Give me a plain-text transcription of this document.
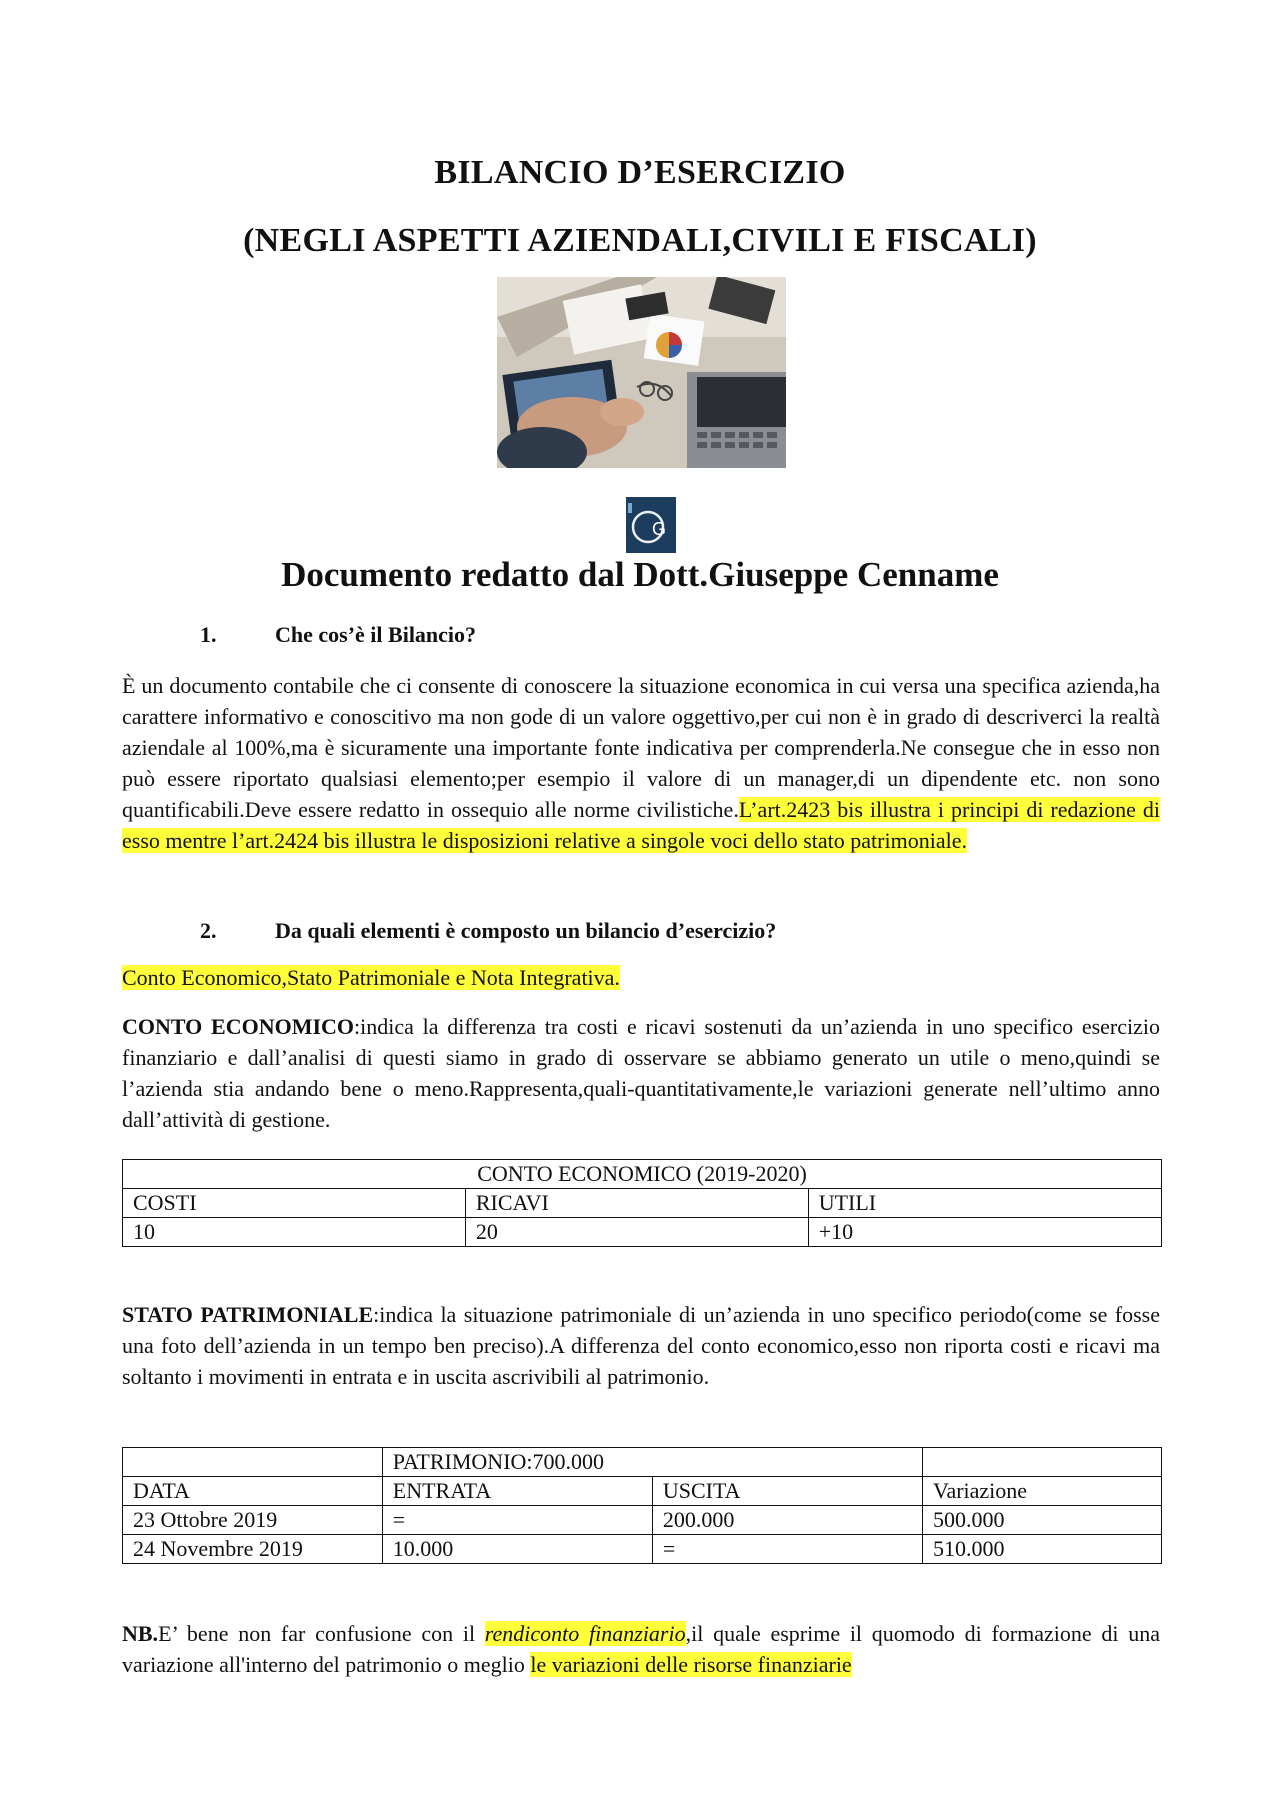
BILANCIO D’ESERCIZIO
(NEGLI ASPETTI AZIENDALI,CIVILI E FISCALI)
G
Documento redatto dal Dott.Giuseppe Cenname
1.	Che cos’è il Bilancio?
È un documento contabile che ci consente di conoscere la situazione economica in cui versa una specifica azienda,ha carattere informativo e conoscitivo ma non gode di un valore oggettivo,per cui non è in grado di descriverci la realtà aziendale al 100%,ma è sicuramente una importante fonte indicativa per comprenderla.Ne consegue che in esso non può essere riportato qualsiasi elemento;per esempio il valore di un manager,di un dipendente etc. non sono quantificabili.Deve essere redatto in ossequio alle norme civilistiche.L’art.2423 bis illustra i principi di redazione di esso mentre l’art.2424 bis illustra le disposizioni relative a singole voci dello stato patrimoniale.
2.	Da quali elementi è composto un bilancio d’esercizio?
Conto Economico,Stato Patrimoniale e Nota Integrativa.
CONTO ECONOMICO:indica la differenza tra costi e ricavi sostenuti da un’azienda in uno specifico esercizio finanziario e dall’analisi di questi siamo in grado di osservare se abbiamo generato un utile o meno,quindi se l’azienda stia andando bene o meno.Rappresenta,quali-quantitativamente,le variazioni generate nell’ultimo anno dall’attività di gestione.
CONTO ECONOMICO (2019-2020)		
COSTI	RICAVI	UTILI
10	20	+10
STATO PATRIMONIALE:indica la situazione patrimoniale di un’azienda in uno specifico periodo(come se fosse una foto dell’azienda in un tempo ben preciso).A differenza del conto economico,esso non riporta costi e ricavi ma soltanto i movimenti in entrata e in uscita ascrivibili al patrimonio.
	PATRIMONIO:700.000		
DATA	ENTRATA	USCITA	Variazione
23 Ottobre 2019	=	200.000	500.000
24 Novembre 2019	10.000	=	510.000
NB.E’ bene non far confusione con il rendiconto finanziario,il quale esprime il quomodo di formazione di una variazione all'interno del patrimonio o meglio le variazioni delle risorse finanziarie
